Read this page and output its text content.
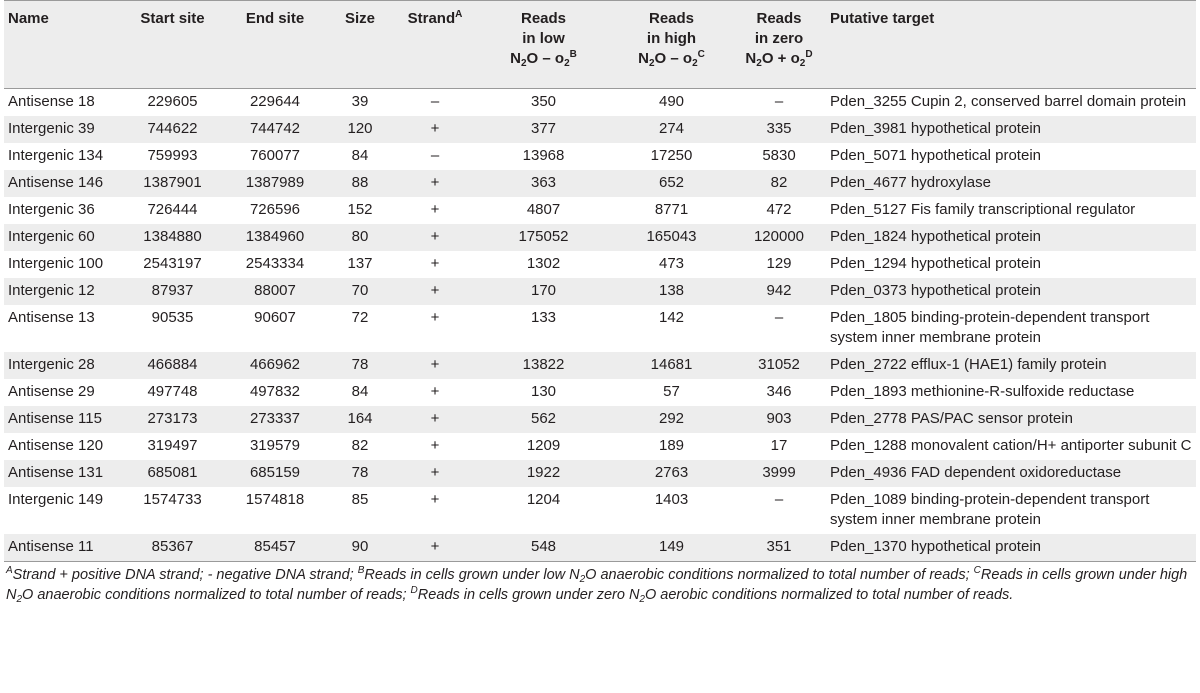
Name	Start site	End site	Size	Strand$^A$	Reads
in low
$N_2O - o_2^B$	Reads
in high
$N_2O - o_2^C$	Reads
in zero
$N_2O + o_2^D$	Putative target
Antisense 18	229605	229644	39	–	350	490	–	Pden_3255 Cupin 2, conserved barrel domain protein
Intergenic 39	744622	744742	120	+	377	274	335	Pden_3981 hypothetical protein
Intergenic 134	759993	760077	84	–	13968	17250	5830	Pden_5071 hypothetical protein
Antisense 146	1387901	1387989	88	+	363	652	82	Pden_4677 hydroxylase
Intergenic 36	726444	726596	152	+	4807	8771	472	Pden_5127 Fis family transcriptional regulator
Intergenic 60	1384880	1384960	80	+	175052	165043	120000	Pden_1824 hypothetical protein
Intergenic 100	2543197	2543334	137	+	1302	473	129	Pden_1294 hypothetical protein
Intergenic 12	87937	88007	70	+	170	138	942	Pden_0373 hypothetical protein
Antisense 13	90535	90607	72	+	133	142	–	Pden_1805 binding-protein-dependent transport system inner membrane protein
Intergenic 28	466884	466962	78	+	13822	14681	31052	Pden_2722 efflux-1 (HAE1) family protein
Antisense 29	497748	497832	84	+	130	57	346	Pden_1893 methionine-R-sulfoxide reductase
Antisense 115	273173	273337	164	+	562	292	903	Pden_2778 PAS/PAC sensor protein
Antisense 120	319497	319579	82	+	1209	189	17	Pden_1288 monovalent cation/H+ antiporter subunit C
Antisense 131	685081	685159	78	+	1922	2763	3999	Pden_4936 FAD dependent oxidoreductase
Intergenic 149	1574733	1574818	85	+	1204	1403	–	Pden_1089 binding-protein-dependent transport system inner membrane protein
Antisense 11	85367	85457	90	+	548	149	351	Pden_1370 hypothetical protein
$^A$Strand + positive DNA strand; - negative DNA strand; $^B$Reads in cells grown under low $N_2O$ anaerobic conditions normalized to total number of reads; $^C$Reads in cells grown under high $N_2O$ anaerobic conditions normalized to total number of reads; $^D$Reads in cells grown under zero $N_2O$ aerobic conditions normalized to total number of reads.
